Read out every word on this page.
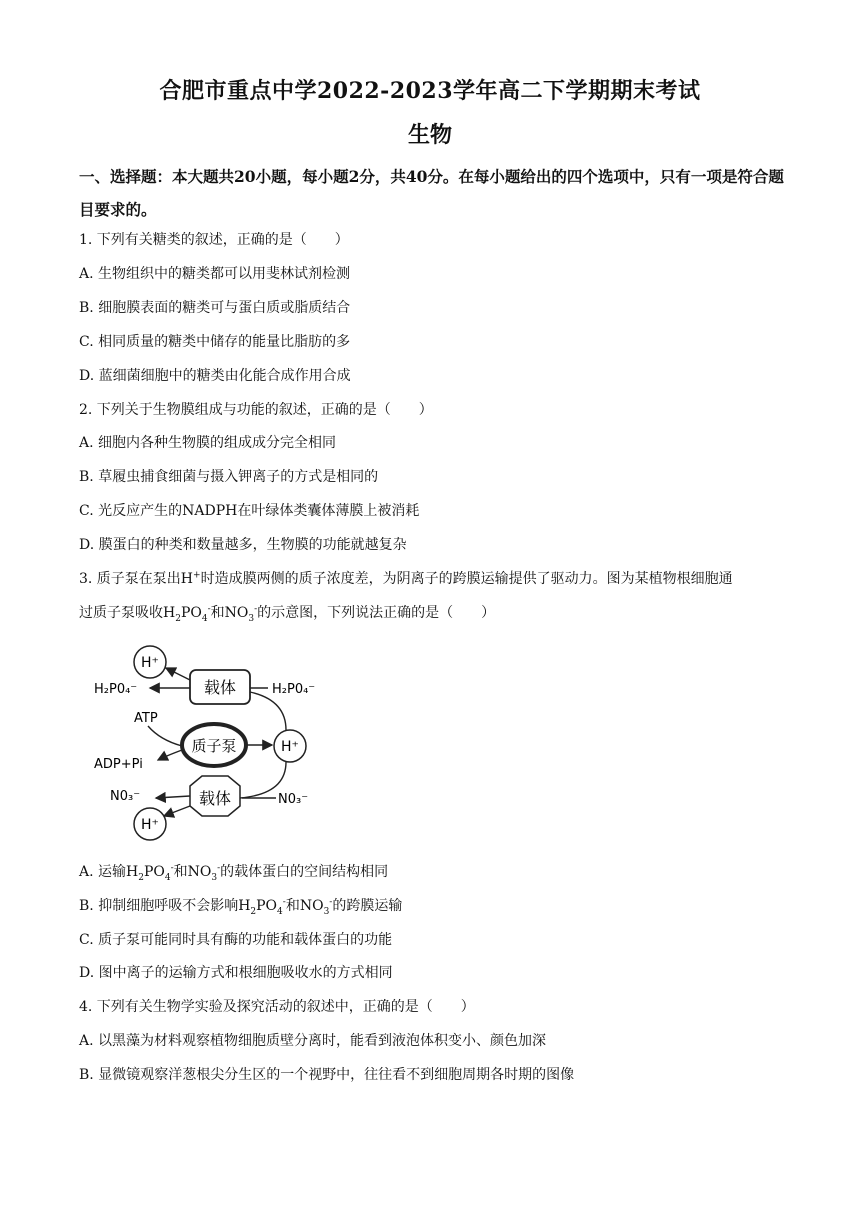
合肥市重点中学2022-2023学年高二下学期期末考试
生物
一、选择题：本大题共20小题，每小题2分，共40分。在每小题给出的四个选项中，只有一项是符合题目要求的。
1. 下列有关糖类的叙述，正确的是（　　）
A. 生物组织中的糖类都可以用斐林试剂检测
B. 细胞膜表面的糖类可与蛋白质或脂质结合
C. 相同质量的糖类中储存的能量比脂肪的多
D. 蓝细菌细胞中的糖类由化能合成作用合成
2. 下列关于生物膜组成与功能的叙述，正确的是（　　）
A. 细胞内各种生物膜的组成成分完全相同
B. 草履虫捕食细菌与摄入钾离子的方式是相同的
C. 光反应产生的NADPH在叶绿体类囊体薄膜上被消耗
D. 膜蛋白的种类和数量越多，生物膜的功能就越复杂
3. 质子泵在泵出H+时造成膜两侧的质子浓度差，为阴离子的跨膜运输提供了驱动力。图为某植物根细胞通
过质子泵吸收$H_2PO_4^-$和$NO_3^-$的示意图，下列说法正确的是（　　）
H⁺
载体
H₂P0₄⁻	H₂P0₄⁻
ATP
质子泵
ADP+Pi
H⁺
载体
N0₃⁻	N0₃⁻
H⁺
A. 运输$H_2PO_4^-$和$NO_3^-$的载体蛋白的空间结构相同
B. 抑制细胞呼吸不会影响$H_2PO_4^-$和$NO_3^-$的跨膜运输
C. 质子泵可能同时具有酶的功能和载体蛋白的功能
D. 图中离子的运输方式和根细胞吸收水的方式相同
4. 下列有关生物学实验及探究活动的叙述中，正确的是（　　）
A. 以黑藻为材料观察植物细胞质壁分离时，能看到液泡体积变小、颜色加深
B. 显微镜观察洋葱根尖分生区的一个视野中，往往看不到细胞周期各时期的图像
